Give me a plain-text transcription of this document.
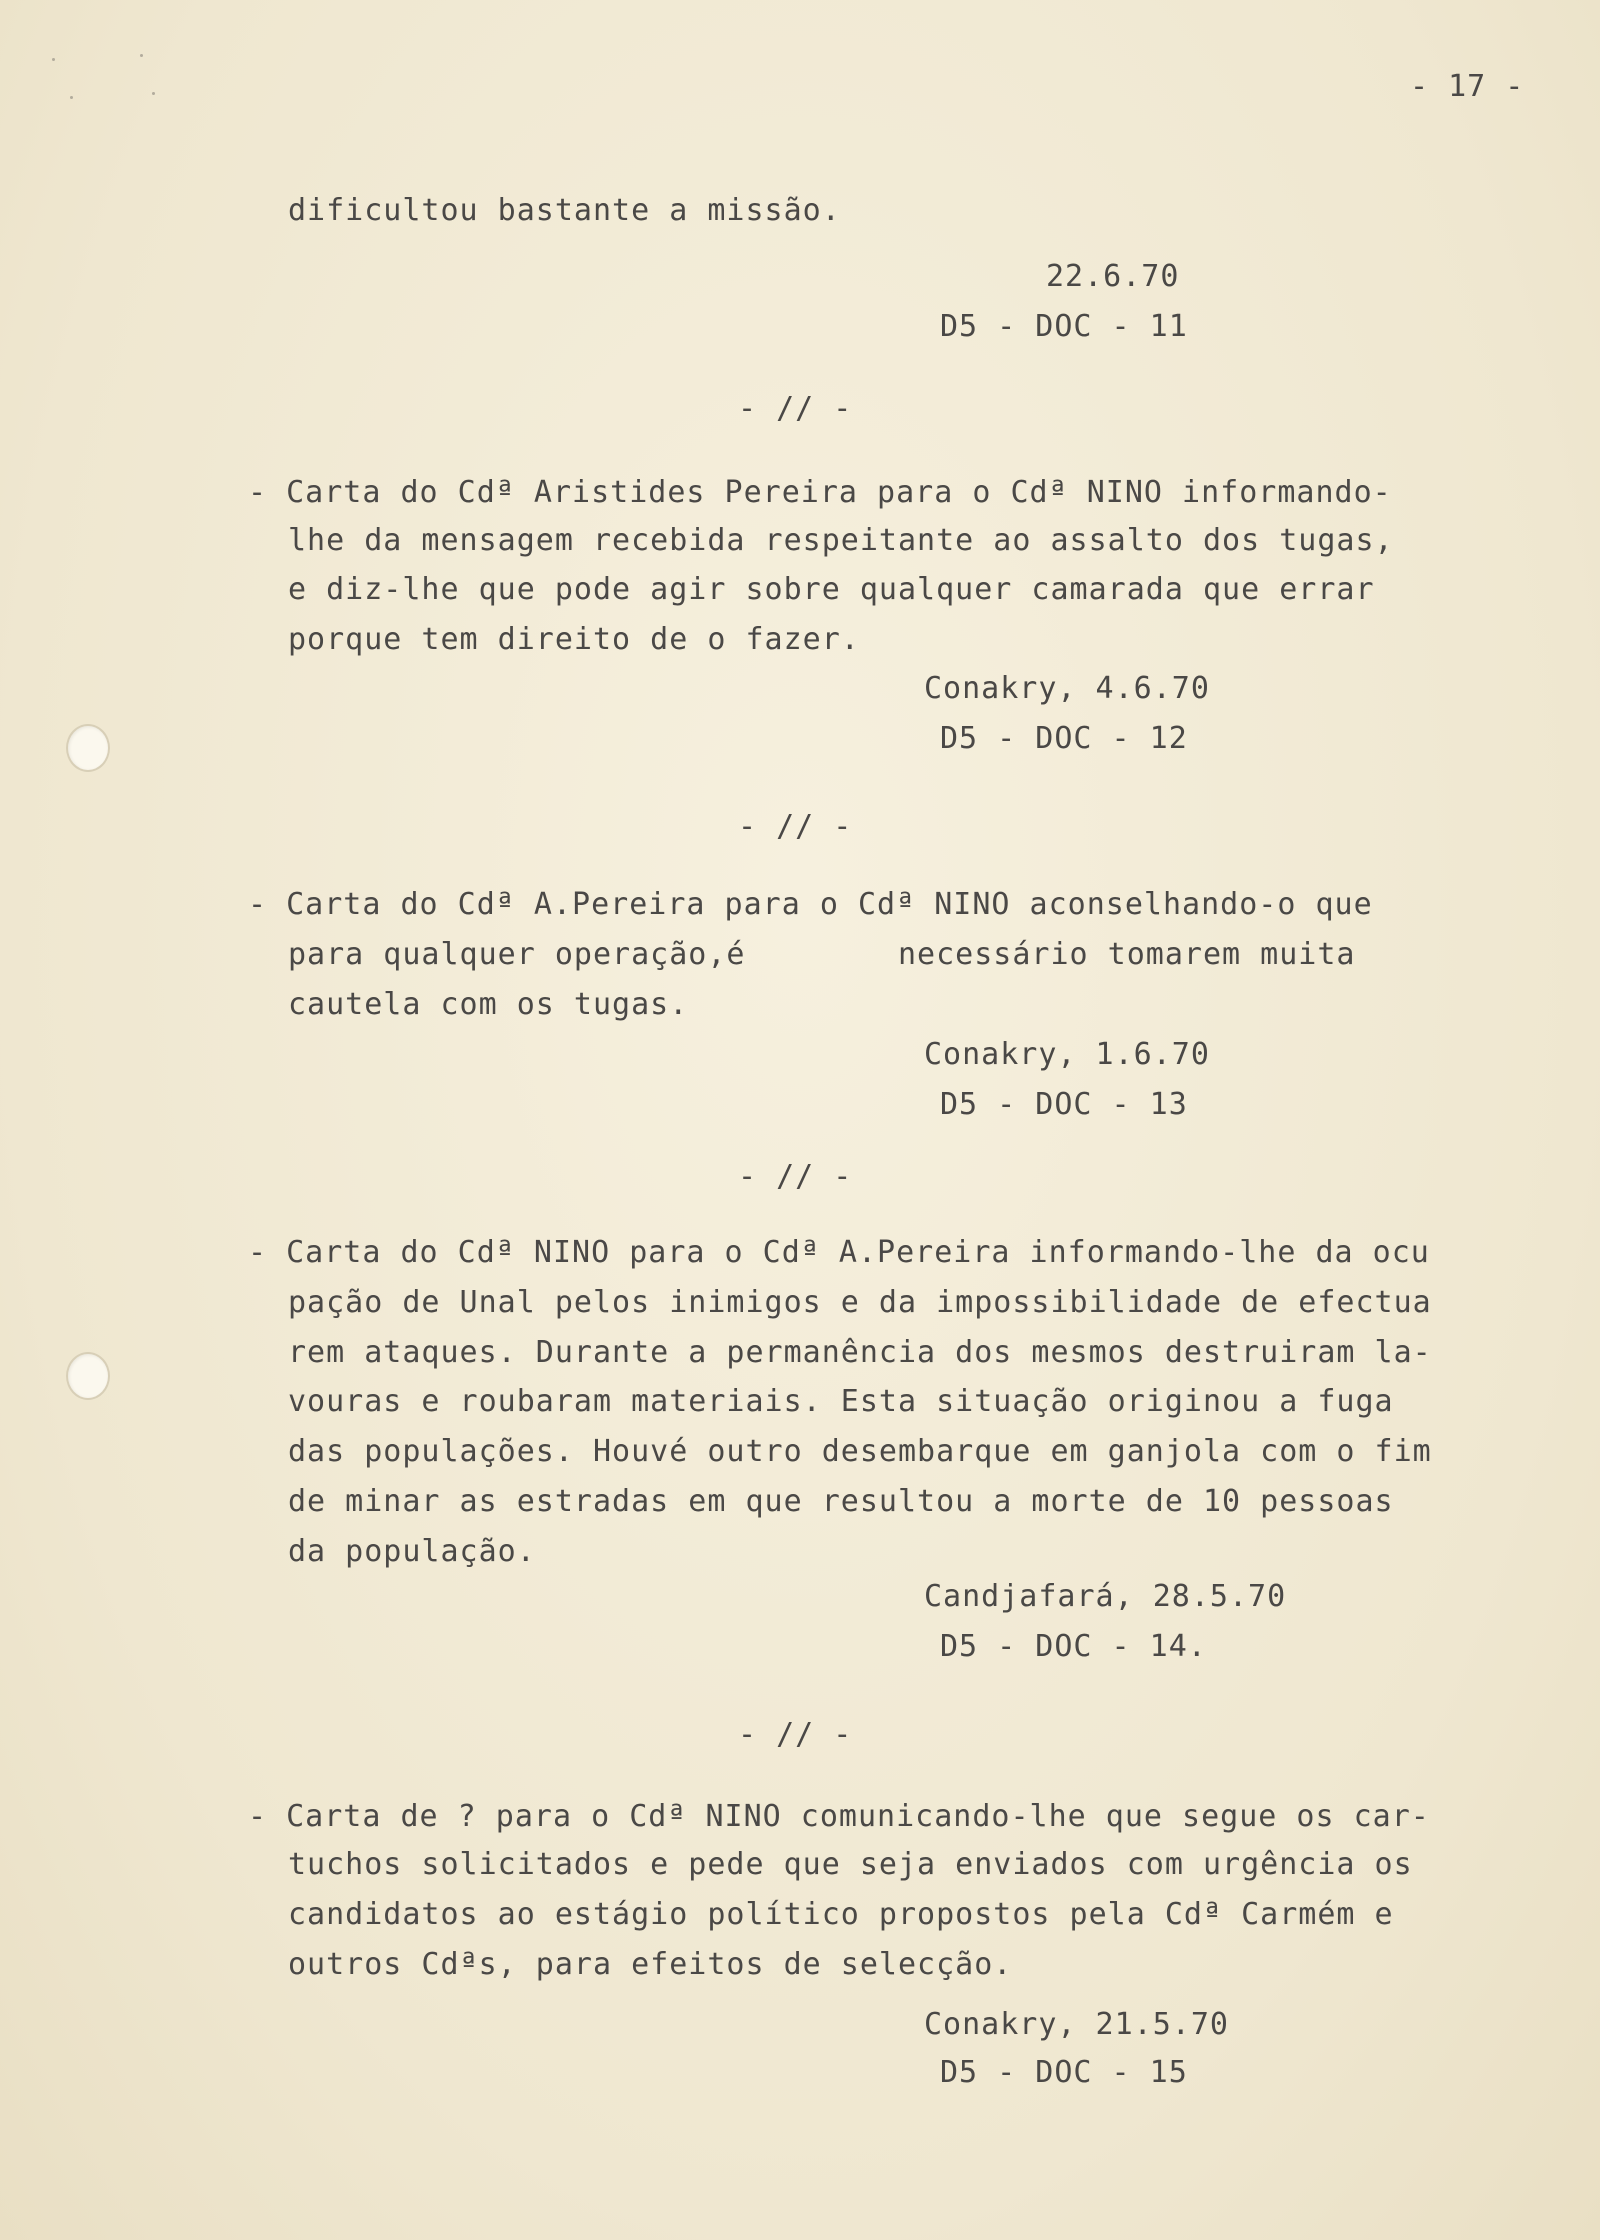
- 17 -
dificultou bastante a missão.
22.6.70
D5 - DOC - 11
- // -
- Carta do Cdª Aristides Pereira para o Cdª NINO informando-
lhe da mensagem recebida respeitante ao assalto dos tugas,
e diz-lhe que pode agir sobre qualquer camarada que errar
porque tem direito de o fazer.
Conakry, 4.6.70
D5 - DOC - 12
- // -
- Carta do Cdª A.Pereira para o Cdª NINO aconselhando-o que
para qualquer operação,é        necessário tomarem muita
cautela com os tugas.
Conakry, 1.6.70
D5 - DOC - 13
- // -
- Carta do Cdª NINO para o Cdª A.Pereira informando-lhe da ocu
pação de Unal pelos inimigos e da impossibilidade de efectua
rem ataques. Durante a permanência dos mesmos destruiram la-
vouras e roubaram materiais. Esta situação originou a fuga
das populações. Houvé outro desembarque em ganjola com o fim
de minar as estradas em que resultou a morte de 10 pessoas
da população.
Candjafará, 28.5.70
D5 - DOC - 14.
- // -
- Carta de ? para o Cdª NINO comunicando-lhe que segue os car-
tuchos solicitados e pede que seja enviados com urgência os
candidatos ao estágio político propostos pela Cdª Carmém e
outros Cdªs, para efeitos de selecção.
Conakry, 21.5.70
D5 - DOC - 15
